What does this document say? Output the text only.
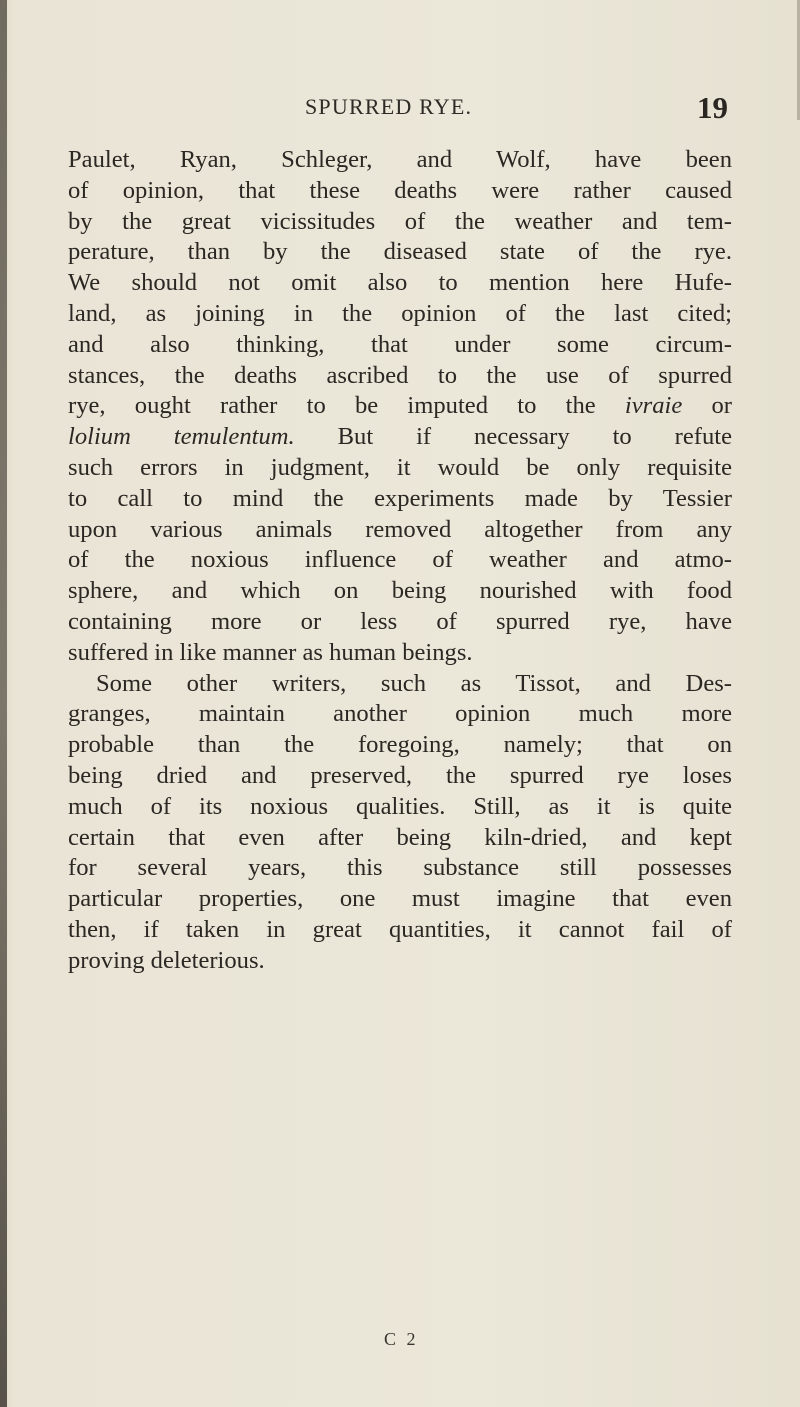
SPURRED RYE.	19
Paulet, Ryan, Schleger, and Wolf, have been
of opinion, that these deaths were rather caused
by the great vicissitudes of the weather and tem-
perature, than by the diseased state of the rye.
We should not omit also to mention here Hufe-
land, as joining in the opinion of the last cited;
and also thinking, that under some circum-
stances, the deaths ascribed to the use of spurred
rye, ought rather to be imputed to the ivraie or
lolium temulentum. But if necessary to refute
such errors in judgment, it would be only requisite
to call to mind the experiments made by Tessier
upon various animals removed altogether from any
of the noxious influence of weather and atmo-
sphere, and which on being nourished with food
containing more or less of spurred rye, have
suffered in like manner as human beings.
Some other writers, such as Tissot, and Des-
granges, maintain another opinion much more
probable than the foregoing, namely; that on
being dried and preserved, the spurred rye loses
much of its noxious qualities. Still, as it is quite
certain that even after being kiln-dried, and kept
for several years, this substance still possesses
particular properties, one must imagine that even
then, if taken in great quantities, it cannot fail of
proving deleterious.
C 2
